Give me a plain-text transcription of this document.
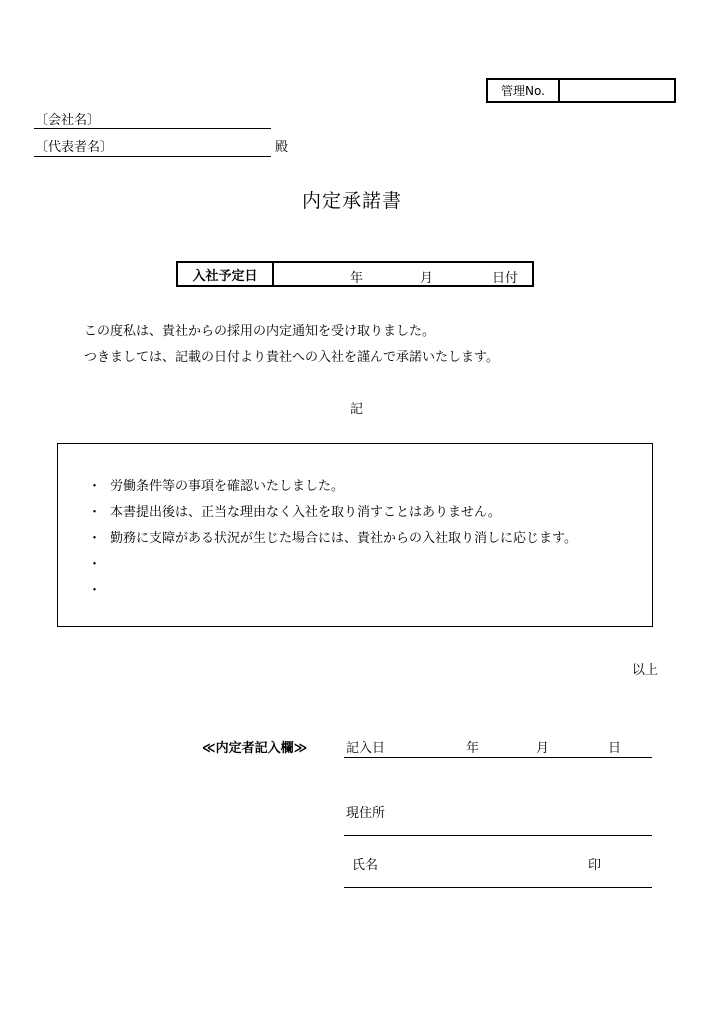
管理No.
〔会社名〕
〔代表者名〕	殿
内定承諾書
入社予定日	年	月	日付
この度私は、貴社からの採用の内定通知を受け取りました。
つきましては、記載の日付より貴社への入社を謹んで承諾いたします。
記
・ 労働条件等の事項を確認いたしました。
・ 本書提出後は、正当な理由なく入社を取り消すことはありません。
・ 勤務に支障がある状況が生じた場合には、貴社からの入社取り消しに応じます。
・
・
以上
≪内定者記入欄≫	記入日	年	月	日
現住所
氏名	印
